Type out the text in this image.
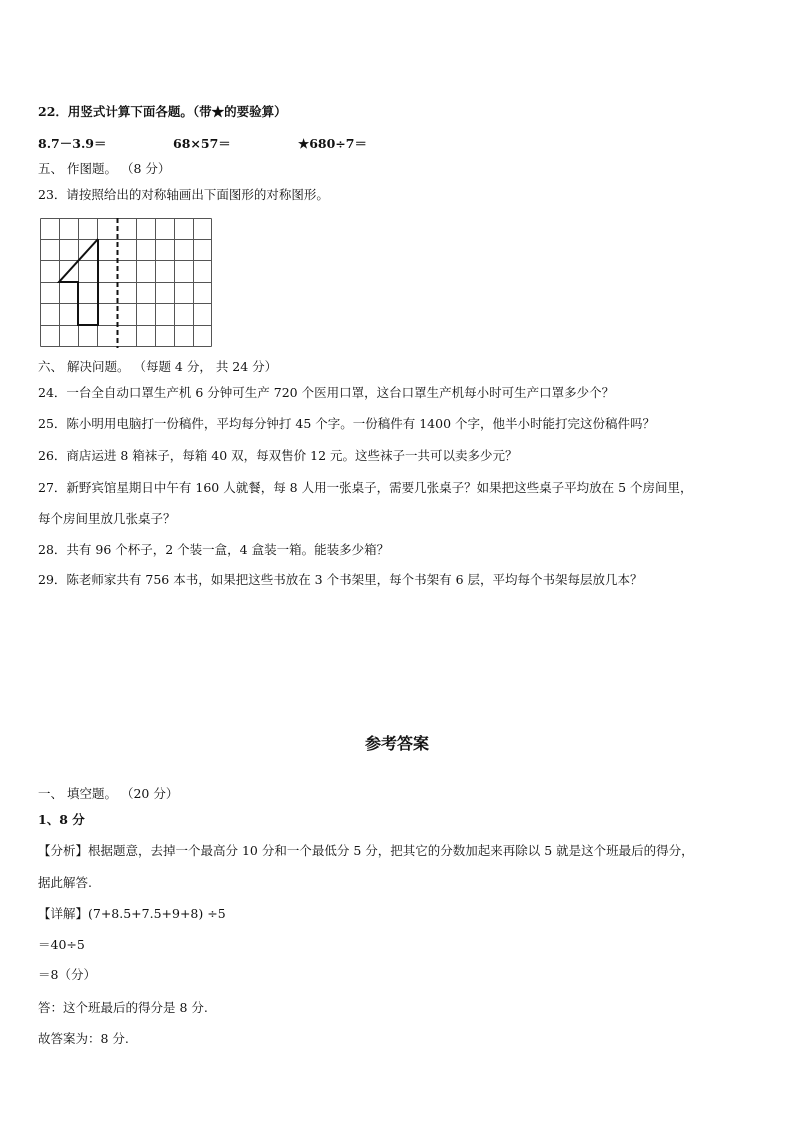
22．用竖式计算下面各题。（带★的要验算）
8.7－3.9＝	68×57＝	★680÷7＝
五、 作图题。 （8 分）
23．请按照给出的对称轴画出下面图形的对称图形。
六、 解决问题。 （每题 4 分， 共 24 分）
24．一台全自动口罩生产机 6 分钟可生产 720 个医用口罩，这台口罩生产机每小时可生产口罩多少个？
25．陈小明用电脑打一份稿件，平均每分钟打 45 个字。一份稿件有 1400 个字，他半小时能打完这份稿件吗？
26．商店运进 8 箱袜子，每箱 40 双，每双售价 12 元。这些袜子一共可以卖多少元？
27．新野宾馆星期日中午有 160 人就餐，每 8 人用一张桌子，需要几张桌子？如果把这些桌子平均放在 5 个房间里，
每个房间里放几张桌子？
28．共有 96 个杯子，2 个装一盒，4 盒装一箱。能装多少箱？
29．陈老师家共有 756 本书，如果把这些书放在 3 个书架里，每个书架有 6 层，平均每个书架每层放几本？
参考答案
一、 填空题。 （20 分）
1、8 分
【分析】根据题意，去掉一个最高分 10 分和一个最低分 5 分，把其它的分数加起来再除以 5 就是这个班最后的得分，
据此解答.
【详解】(7+8.5+7.5+9+8) ÷5
＝40÷5
＝8（分）
答：这个班最后的得分是 8 分.
故答案为：8 分.
